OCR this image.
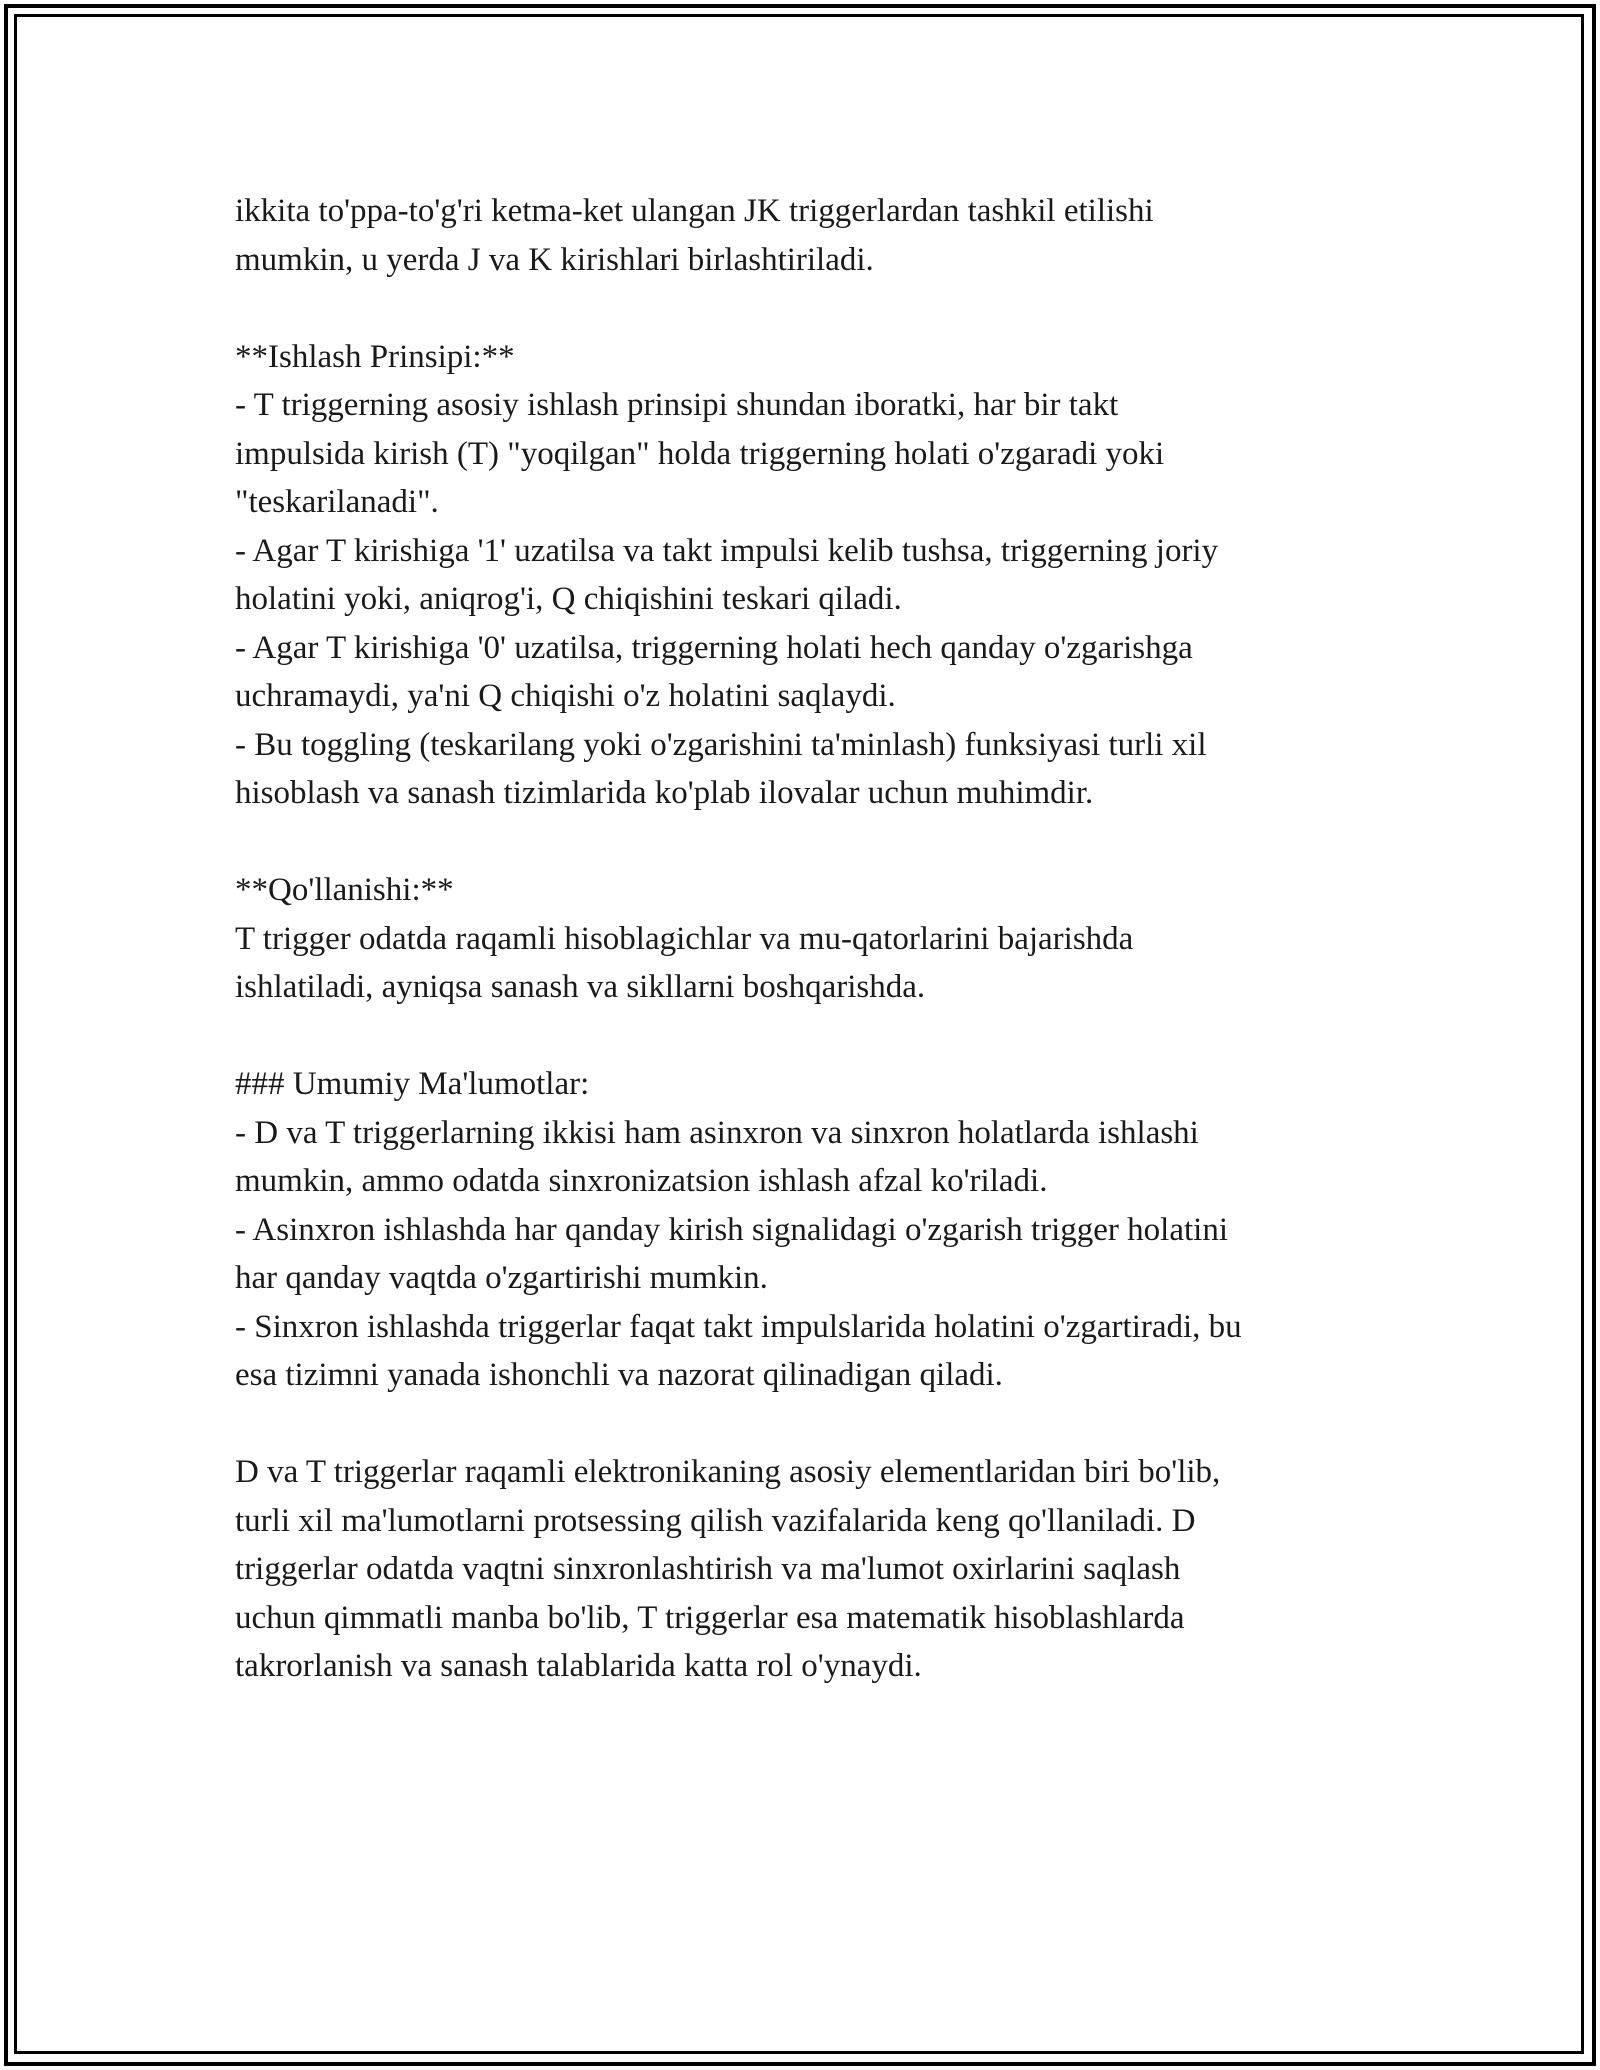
ikkita to'ppa-to'g'ri ketma-ket ulangan JK triggerlardan tashkil etilishi
mumkin, u yerda J va K kirishlari birlashtiriladi.
**Ishlash Prinsipi:**
- T triggerning asosiy ishlash prinsipi shundan iboratki, har bir takt
impulsida kirish (T) "yoqilgan" holda triggerning holati o'zgaradi yoki
"teskarilanadi".
- Agar T kirishiga '1' uzatilsa va takt impulsi kelib tushsa, triggerning joriy
holatini yoki, aniqrog'i, Q chiqishini teskari qiladi.
- Agar T kirishiga '0' uzatilsa, triggerning holati hech qanday o'zgarishga
uchramaydi, ya'ni Q chiqishi o'z holatini saqlaydi.
- Bu toggling (teskarilang yoki o'zgarishini ta'minlash) funksiyasi turli xil
hisoblash va sanash tizimlarida ko'plab ilovalar uchun muhimdir.
**Qo'llanishi:**
T trigger odatda raqamli hisoblagichlar va mu-qatorlarini bajarishda
ishlatiladi, ayniqsa sanash va sikllarni boshqarishda.
### Umumiy Ma'lumotlar:
- D va T triggerlarning ikkisi ham asinxron va sinxron holatlarda ishlashi
mumkin, ammo odatda sinxronizatsion ishlash afzal ko'riladi.
- Asinxron ishlashda har qanday kirish signalidagi o'zgarish trigger holatini
har qanday vaqtda o'zgartirishi mumkin.
- Sinxron ishlashda triggerlar faqat takt impulslarida holatini o'zgartiradi, bu
esa tizimni yanada ishonchli va nazorat qilinadigan qiladi.
D va T triggerlar raqamli elektronikaning asosiy elementlaridan biri bo'lib,
turli xil ma'lumotlarni protsessing qilish vazifalarida keng qo'llaniladi. D
triggerlar odatda vaqtni sinxronlashtirish va ma'lumot oxirlarini saqlash
uchun qimmatli manba bo'lib, T triggerlar esa matematik hisoblashlarda
takrorlanish va sanash talablarida katta rol o'ynaydi.
